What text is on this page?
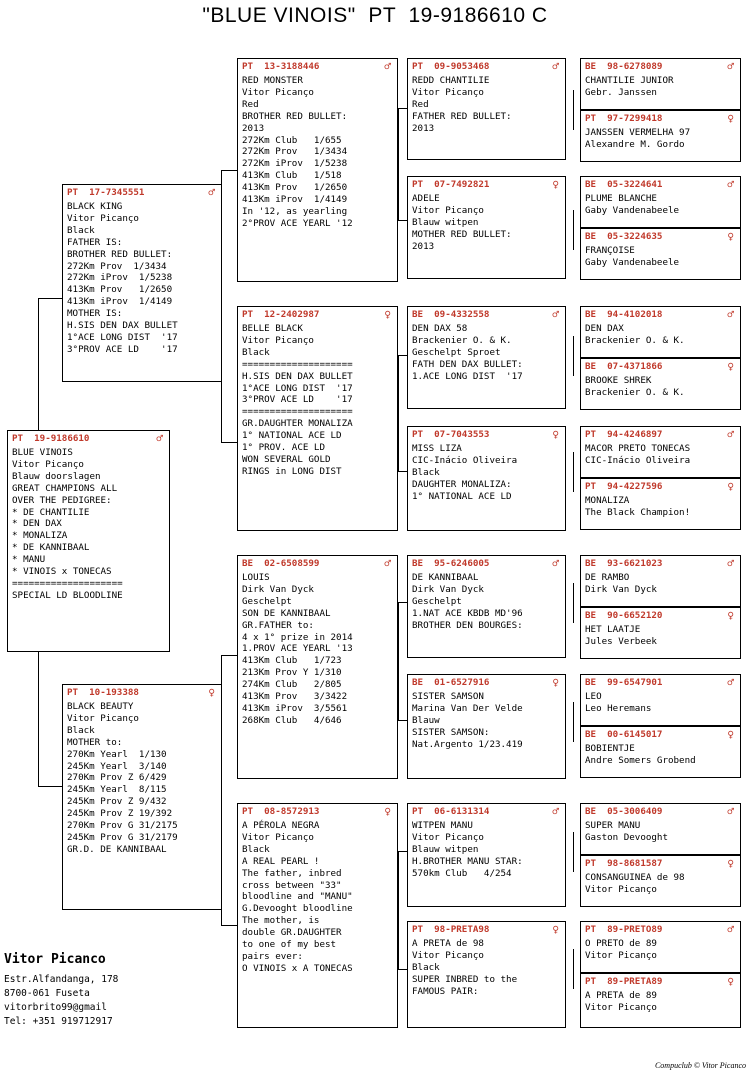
"BLUE VINOIS"  PT  19-9186610 C
PT  19-9186610	♂
BLUE VINOIS
Vitor Picanço
Blauw doorslagen
GREAT CHAMPIONS ALL
OVER THE PEDIGREE:
* DE CHANTILIE
* DEN DAX
* MONALIZA
* DE KANNIBAAL
* MANU
* VINOIS x TONECAS
====================
SPECIAL LD BLOODLINE
PT  17-7345551	♂
BLACK KING
Vitor Picanço
Black
FATHER IS:
BROTHER RED BULLET:
272Km Prov  1/3434
272Km iProv  1/5238
413Km Prov   1/2650
413Km iProv  1/4149
MOTHER IS:
H.SIS DEN DAX BULLET
1°ACE LONG DIST  '17
3°PROV ACE LD    '17
PT  10-193388	♀
BLACK BEAUTY
Vitor Picanço
Black
MOTHER to:
270Km Yearl  1/130
245Km Yearl  3/140
270Km Prov Z 6/429
245Km Yearl  8/115
245Km Prov Z 9/432
245Km Prov Z 19/392
270Km Prov G 31/2175
245Km Prov G 31/2179
GR.D. DE KANNIBAAL
PT  13-3188446	♂
RED MONSTER
Vitor Picanço
Red
BROTHER RED BULLET:
2013
272Km Club   1/655
272Km Prov   1/3434
272Km iProv  1/5238
413Km Club   1/518
413Km Prov   1/2650
413Km iProv  1/4149
In '12, as yearling
2°PROV ACE YEARL '12
PT  12-2402987	♀
BELLE BLACK
Vitor Picanço
Black
====================
H.SIS DEN DAX BULLET
1°ACE LONG DIST  '17
3°PROV ACE LD    '17
====================
GR.DAUGHTER MONALIZA
1° NATIONAL ACE LD
1° PROV. ACE LD
WON SEVERAL GOLD
RINGS in LONG DIST
BE  02-6508599	♂
LOUIS
Dirk Van Dyck
Geschelpt
SON DE KANNIBAAL
GR.FATHER to:
4 x 1° prize in 2014
1.PROV ACE YEARL '13
413Km Club   1/723
213Km Prov Y 1/310
274Km Club   2/805
413Km Prov   3/3422
413Km iProv  3/5561
268Km Club   4/646
PT  08-8572913	♀
A PÉROLA NEGRA
Vitor Picanço
Black
A REAL PEARL !
The father, inbred
cross between "33"
bloodline and "MANU"
G.Devooght bloodline
The mother, is
double GR.DAUGHTER
to one of my best
pairs ever:
O VINOIS x A TONECAS
PT  09-9053468	♂
REDD CHANTILIE
Vitor Picanço
Red
FATHER RED BULLET:
2013
PT  07-7492821	♀
ADELE
Vitor Picanço
Blauw witpen
MOTHER RED BULLET:
2013
BE  09-4332558	♂
DEN DAX 58
Brackenier O. & K.
Geschelpt Sproet
FATH DEN DAX BULLET:
1.ACE LONG DIST  '17
PT  07-7043553	♀
MISS LIZA
CIC-Inácio Oliveira
Black
DAUGHTER MONALIZA:
1° NATIONAL ACE LD
BE  95-6246005	♂
DE KANNIBAAL
Dirk Van Dyck
Geschelpt
1.NAT ACE KBDB MD'96
BROTHER DEN BOURGES:
BE  01-6527916	♀
SISTER SAMSON
Marina Van Der Velde
Blauw
SISTER SAMSON:
Nat.Argento 1/23.419
PT  06-6131314	♂
WITPEN MANU
Vitor Picanço
Blauw witpen
H.BROTHER MANU STAR:
570km Club   4/254
PT  98-PRETA98	♀
A PRETA de 98
Vitor Picanço
Black
SUPER INBRED to the
FAMOUS PAIR:
BE  98-6278089	♂
CHANTILIE JUNIOR
Gebr. Janssen
PT  97-7299418	♀
JANSSEN VERMELHA 97
Alexandre M. Gordo
BE  05-3224641	♂
PLUME BLANCHE
Gaby Vandenabeele
BE  05-3224635	♀
FRANÇOISE
Gaby Vandenabeele
BE  94-4102018	♂
DEN DAX
Brackenier O. & K.
BE  07-4371866	♀
BROOKE SHREK
Brackenier O. & K.
PT  94-4246897	♂
MACOR PRETO TONECAS
CIC-Inácio Oliveira
PT  94-4227596	♀
MONALIZA
The Black Champion!
BE  93-6621023	♂
DE RAMBO
Dirk Van Dyck
BE  90-6652120	♀
HET LAATJE
Jules Verbeek
BE  99-6547901	♂
LEO
Leo Heremans
BE  00-6145017	♀
BOBIENTJE
Andre Somers Grobend
BE  05-3006409	♂
SUPER MANU
Gaston Devooght
PT  98-8681587	♀
CONSANGUINEA de 98
Vitor Picanço
PT  89-PRETO89	♂
O PRETO de 89
Vitor Picanço
PT  89-PRETA89	♀
A PRETA de 89
Vitor Picanço
Vitor Picanco
Estr.Alfandanga, 178
8700-061 Fuseta
vitorbrito99@gmail
Tel: +351 919712917
Compuclub © Vitor Picanco
